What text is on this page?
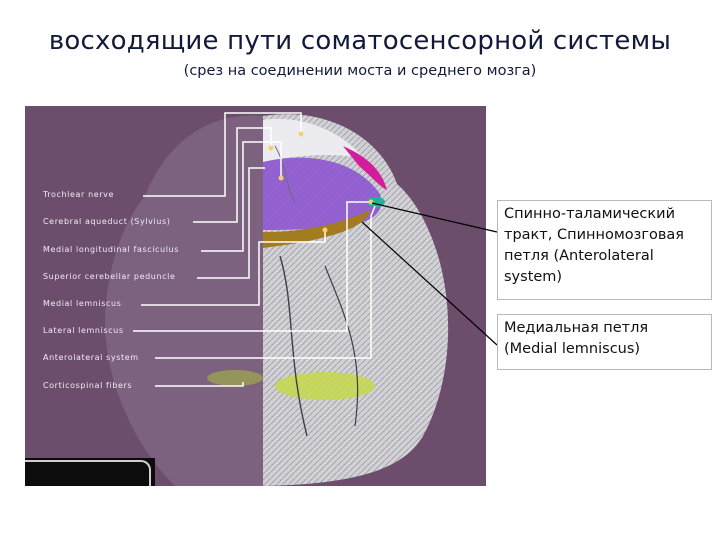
восходящие пути соматосенсорной системы
(срез на соединении моста и среднего мозга)
Trochlear nerve
Cerebral aqueduct (Sylvius)
Medial longitudinal fasciculus
Superior cerebellar peduncle
Medial lemniscus
Lateral lemniscus
Anterolateral system
Corticospinal fibers
Спинно-таламический тракт, Спинномозговая петля (Anterolateral system)
Медиальная петля (Medial lemniscus)
